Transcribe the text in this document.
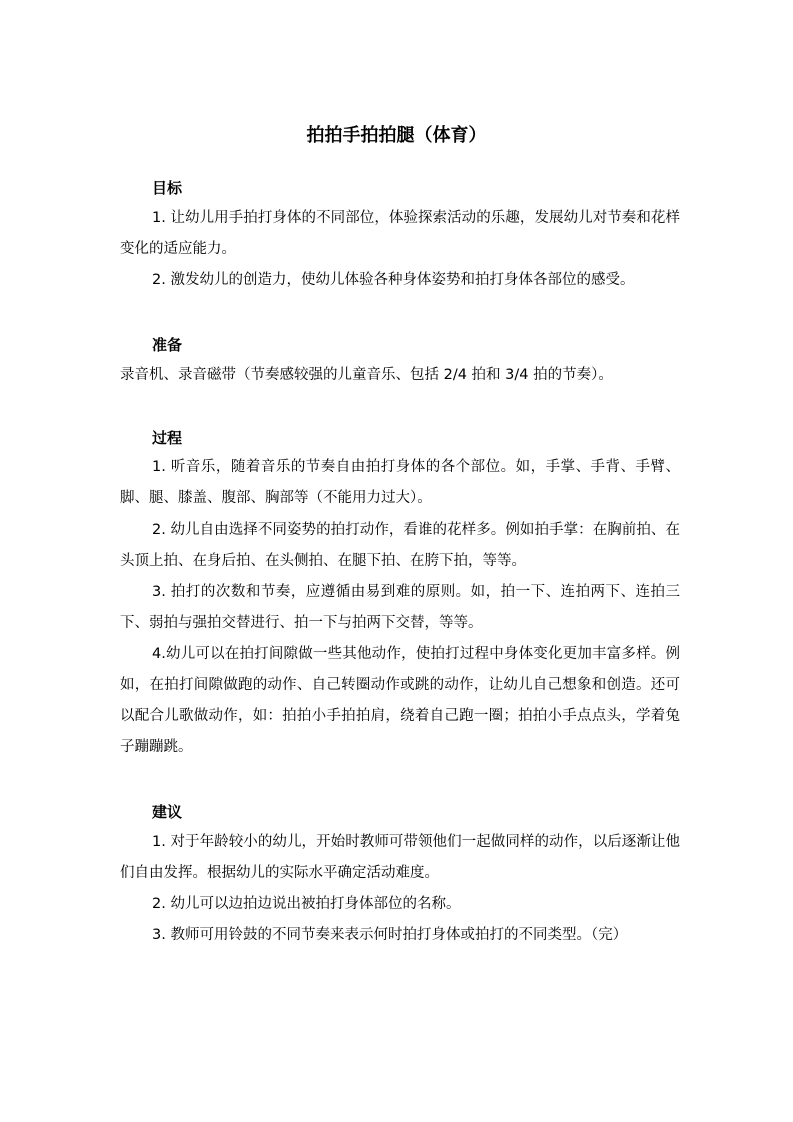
拍拍手拍拍腿（体育）
目标
1. 让幼儿用手拍打身体的不同部位，体验探索活动的乐趣，发展幼儿对节奏和花样变化的适应能力。
2. 激发幼儿的创造力，使幼儿体验各种身体姿势和拍打身体各部位的感受。
准备
录音机、录音磁带（节奏感较强的儿童音乐、包括 2/4 拍和 3/4 拍的节奏）。
过程
1. 听音乐，随着音乐的节奏自由拍打身体的各个部位。如，手掌、手背、手臂、脚、腿、膝盖、腹部、胸部等（不能用力过大）。
2. 幼儿自由选择不同姿势的拍打动作，看谁的花样多。例如拍手掌：在胸前拍、在头顶上拍、在身后拍、在头侧拍、在腿下拍、在胯下拍，等等。
3. 拍打的次数和节奏，应遵循由易到难的原则。如，拍一下、连拍两下、连拍三下、弱拍与强拍交替进行、拍一下与拍两下交替，等等。
4.幼儿可以在拍打间隙做一些其他动作，使拍打过程中身体变化更加丰富多样。例如，在拍打间隙做跑的动作、自己转圈动作或跳的动作，让幼儿自己想象和创造。还可以配合儿歌做动作，如：拍拍小手拍拍肩，绕着自己跑一圈；拍拍小手点点头，学着兔子蹦蹦跳。
建议
1. 对于年龄较小的幼儿，开始时教师可带领他们一起做同样的动作，以后逐渐让他们自由发挥。根据幼儿的实际水平确定活动难度。
2. 幼儿可以边拍边说出被拍打身体部位的名称。
3. 教师可用铃鼓的不同节奏来表示何时拍打身体或拍打的不同类型。（完）
